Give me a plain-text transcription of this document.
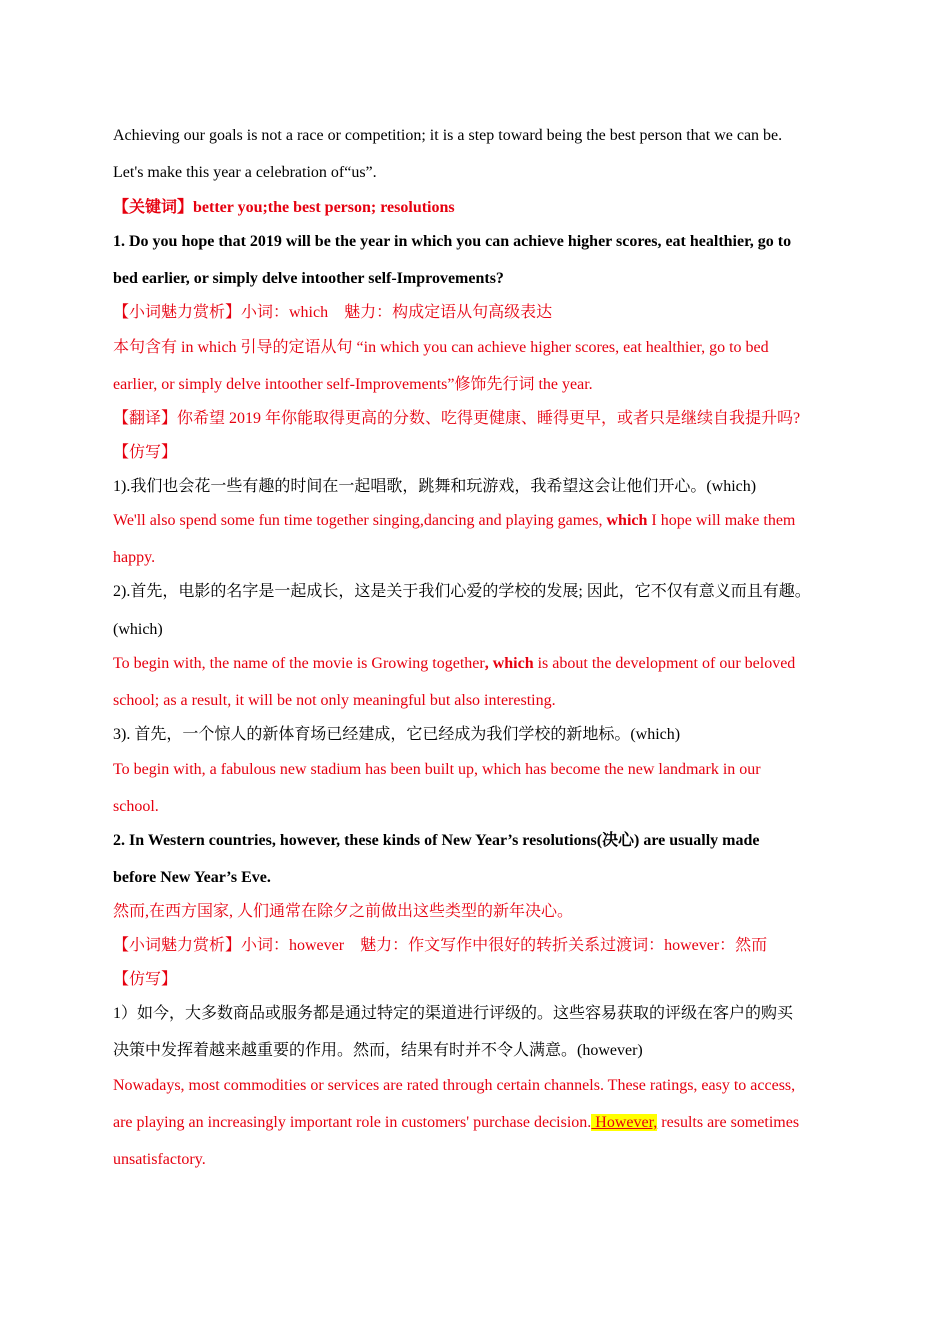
Achieving our goals is not a race or competition; it is a step toward being the best person that we can be.
Let's make this year a celebration of“us”.
【关键词】better you;the best person; resolutions
1. Do you hope that 2019 will be the year in which you can achieve higher scores, eat healthier, go to
bed earlier, or simply delve intoother self-Improvements?
【小词魅力赏析】小词：which　魅力：构成定语从句高级表达
本句含有 in which 引导的定语从句 “in which you can achieve higher scores, eat healthier, go to bed
earlier, or simply delve intoother self-Improvements”修饰先行词 the year.
【翻译】你希望 2019 年你能取得更高的分数、吃得更健康、睡得更早，或者只是继续自我提升吗?
【仿写】
1).我们也会花一些有趣的时间在一起唱歌，跳舞和玩游戏，我希望这会让他们开心。(which)
We'll also spend some fun time together singing,dancing and playing games, which I hope will make them
happy.
2).首先，电影的名字是一起成长，这是关于我们心爱的学校的发展; 因此，它不仅有意义而且有趣。
(which)
To begin with, the name of the movie is Growing together, which is about the development of our beloved
school; as a result, it will be not only meaningful but also interesting.
3). 首先，一个惊人的新体育场已经建成，它已经成为我们学校的新地标。(which)
To begin with, a fabulous new stadium has been built up, which has become the new landmark in our
school.
2. In Western countries, however, these kinds of New Year’s resolutions(决心) are usually made
before New Year’s Eve.
然而,在西方国家, 人们通常在除夕之前做出这些类型的新年决心。
【小词魅力赏析】小词：however　魅力：作文写作中很好的转折关系过渡词：however：然而
【仿写】
1）如今，大多数商品或服务都是通过特定的渠道进行评级的。这些容易获取的评级在客户的购买
决策中发挥着越来越重要的作用。然而，结果有时并不令人满意。(however)
Nowadays, most commodities or services are rated through certain channels. These ratings, easy to access,
are playing an increasingly important role in customers' purchase decision. However, results are sometimes
unsatisfactory.
